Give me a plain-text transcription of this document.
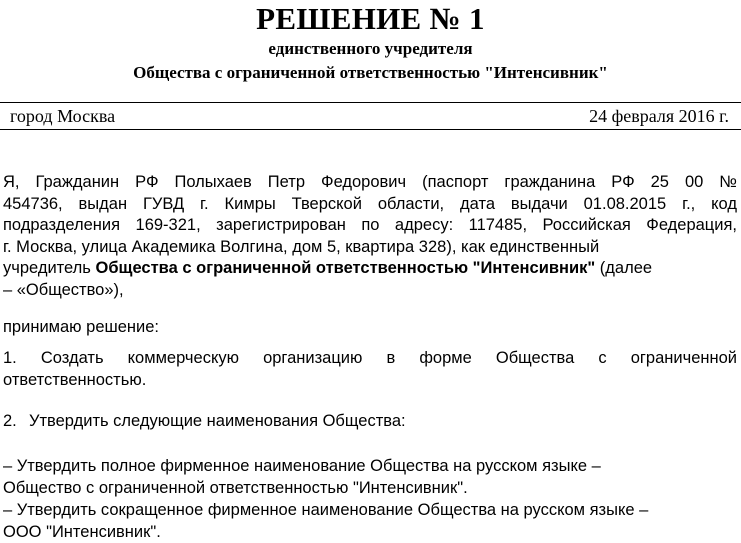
РЕШЕНИЕ № 1
единственного учредителя
Общества с ограниченной ответственностью "Интенсивник"
город Москва	24 февраля 2016 г.
Я, Гражданин РФ Полыхаев Петр Федорович (паспорт гражданина РФ 25 00 №
454736, выдан ГУВД г. Кимры Тверской области, дата выдачи 01.08.2015 г., код
подразделения 169-321, зарегистрирован по адресу: 117485, Российская Федерация,
г. Москва, улица Академика Волгина, дом 5, квартира 328), как единственный
учредитель Общества с ограниченной ответственностью "Интенсивник" (далее
– «Общество»),
принимаю решение:
1. Создать коммерческую организацию в форме Общества с ограниченной
ответственностью.
2. Утвердить следующие наименования Общества:
– Утвердить полное фирменное наименование Общества на русском языке –
Общество с ограниченной ответственностью "Интенсивник".
– Утвердить сокращенное фирменное наименование Общества на русском языке –
ООО "Интенсивник".
